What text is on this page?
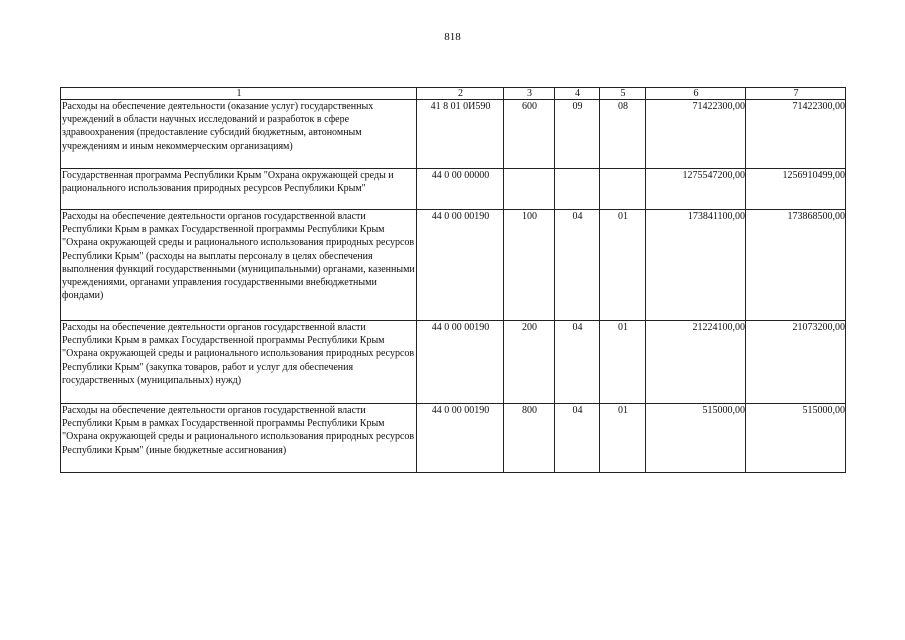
818
1	2	3	4	5	6	7
Расходы на обеспечение деятельности (оказание услуг) государственных учреждений в области научных исследований и разработок в сфере здравоохранения (предоставление субсидий бюджетным, автономным учреждениям и иным некоммерческим организациям)	41 8 01 0И590	600	09	08	71422300,00	71422300,00
Государственная программа Республики Крым "Охрана окружающей среды и рационального использования природных ресурсов Республики Крым"	44 0 00 00000				1275547200,00	1256910499,00
Расходы на обеспечение деятельности органов государственной власти Республики Крым в рамках Государственной программы Республики Крым "Охрана окружающей среды и рационального использования природных ресурсов Республики Крым" (расходы на выплаты персоналу в целях обеспечения выполнения функций государственными (муниципальными) органами, казенными учреждениями, органами управления государственными внебюджетными фондами)	44 0 00 00190	100	04	01	173841100,00	173868500,00
Расходы на обеспечение деятельности органов государственной власти Республики Крым в рамках Государственной программы Республики Крым "Охрана окружающей среды и рационального использования природных ресурсов Республики Крым" (закупка товаров, работ и услуг для обеспечения государственных (муниципальных) нужд)	44 0 00 00190	200	04	01	21224100,00	21073200,00
Расходы на обеспечение деятельности органов государственной власти Республики Крым в рамках Государственной программы Республики Крым "Охрана окружающей среды и рационального использования природных ресурсов Республики Крым" (иные бюджетные ассигнования)	44 0 00 00190	800	04	01	515000,00	515000,00
